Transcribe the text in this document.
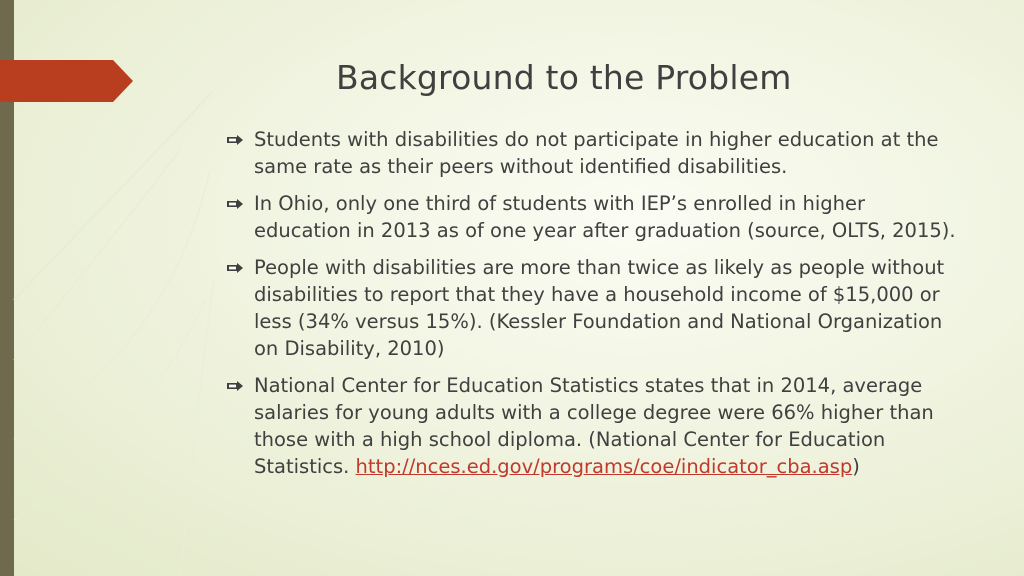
Background to the Problem
Students with disabilities do not participate in higher education at the same rate as their peers without identified disabilities.
In Ohio, only one third of students with IEP’s enrolled in higher education in 2013 as of one year after graduation (source, OLTS, 2015).
People with disabilities are more than twice as likely as people without disabilities to report that they have a household income of $15,000 or less (34% versus 15%). (Kessler Foundation and National Organization on Disability, 2010)
National Center for Education Statistics states that in 2014, average salaries for young adults with a college degree were 66% higher than those with a high school diploma. (National Center for Education Statistics. http://nces.ed.gov/programs/coe/indicator_cba.asp)
